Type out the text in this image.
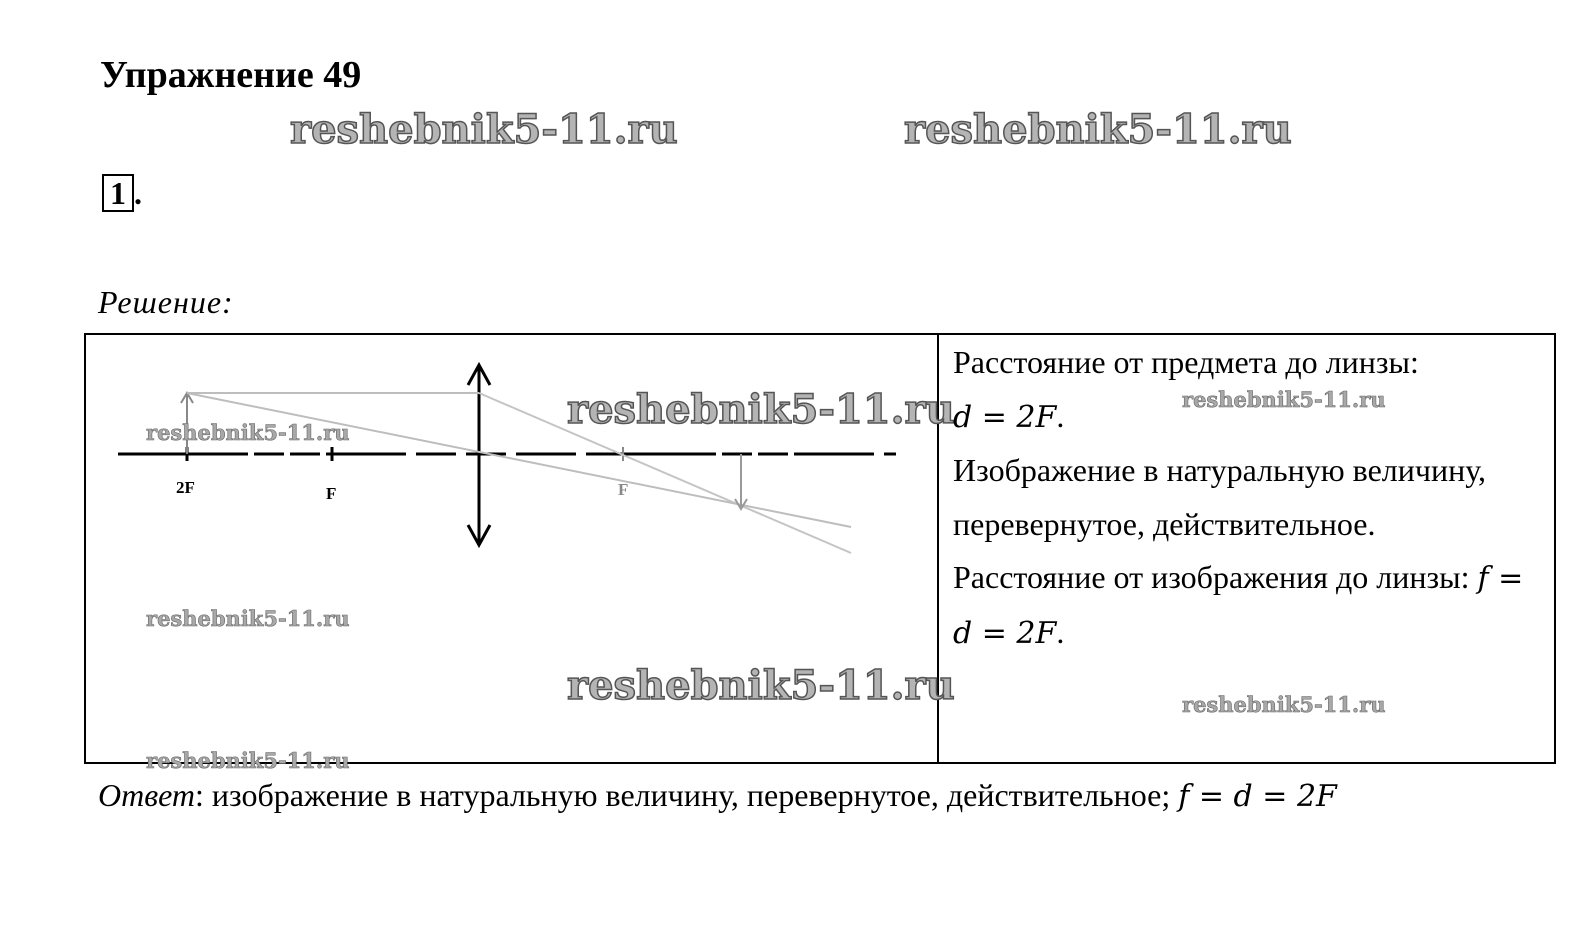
Упражнение 49
reshebnik5-11.ru	reshebnik5-11.ru
1 .
Решение:
2F	F	F
reshebnik5-11.ru
reshebnik5-11.ru
reshebnik5-11.ru
reshebnik5-11.ru
reshebnik5-11.ru

Расстояние от предмета до линзы:

d = 2F.

Изображение в натуральную величину, перевернутое, действительное.

Расстояние от изображения до линзы: f = d = 2F.

reshebnik5-11.ru
reshebnik5-11.ru
Ответ: изображение в натуральную величину, перевернутое, действительное; f = d = 2F
